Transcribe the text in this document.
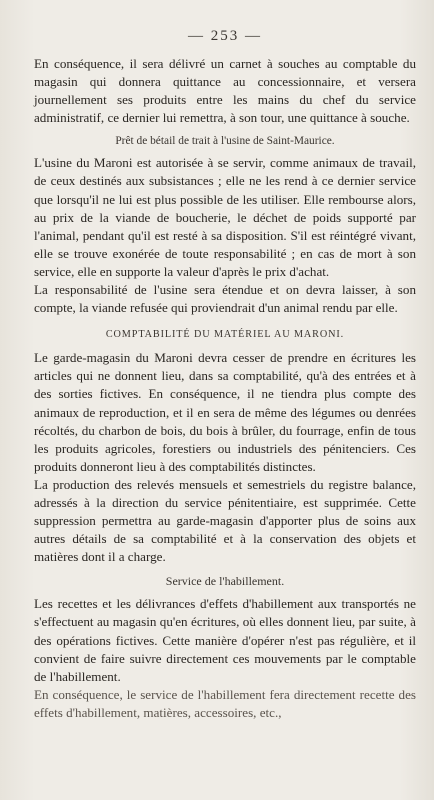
— 253 —

En conséquence, il sera délivré un carnet à souches au comptable du magasin qui donnera quittance au concessionnaire, et versera journellement ses produits entre les mains du chef du service administratif, ce dernier lui remettra, à son tour, une quittance à souche.

Prêt de bétail de trait à l'usine de Saint-Maurice.

L'usine du Maroni est autorisée à se servir, comme animaux de travail, de ceux destinés aux subsistances ; elle ne les rend à ce dernier service que lorsqu'il ne lui est plus possible de les utiliser. Elle rembourse alors, au prix de la viande de boucherie, le déchet de poids supporté par l'animal, pendant qu'il est resté à sa disposition. S'il est réintégré vivant, elle se trouve exonérée de toute responsabilité ; en cas de mort à son service, elle en supporte la valeur d'après le prix d'achat.

La responsabilité de l'usine sera étendue et on devra laisser, à son compte, la viande refusée qui proviendrait d'un animal rendu par elle.

COMPTABILITÉ DU MATÉRIEL AU MARONI.

Le garde-magasin du Maroni devra cesser de prendre en écritures les articles qui ne donnent lieu, dans sa comptabilité, qu'à des entrées et à des sorties fictives. En conséquence, il ne tiendra plus compte des animaux de reproduction, et il en sera de même des légumes ou denrées récoltés, du charbon de bois, du bois à brûler, du fourrage, enfin de tous les produits agricoles, forestiers ou industriels des pénitenciers. Ces produits donneront lieu à des comptabilités distinctes.

La production des relevés mensuels et semestriels du registre balance, adressés à la direction du service pénitentiaire, est supprimée. Cette suppression permettra au garde-magasin d'apporter plus de soins aux autres détails de sa comptabilité et à la conservation des objets et matières dont il a charge.

Service de l'habillement.

Les recettes et les délivrances d'effets d'habillement aux transportés ne s'effectuent au magasin qu'en écritures, où elles donnent lieu, par suite, à des opérations fictives. Cette manière d'opérer n'est pas régulière, et il convient de faire suivre directement ces mouvements par le comptable de l'habillement.

En conséquence, le service de l'habillement fera directement recette des effets d'habillement, matières, accessoires, etc.,
